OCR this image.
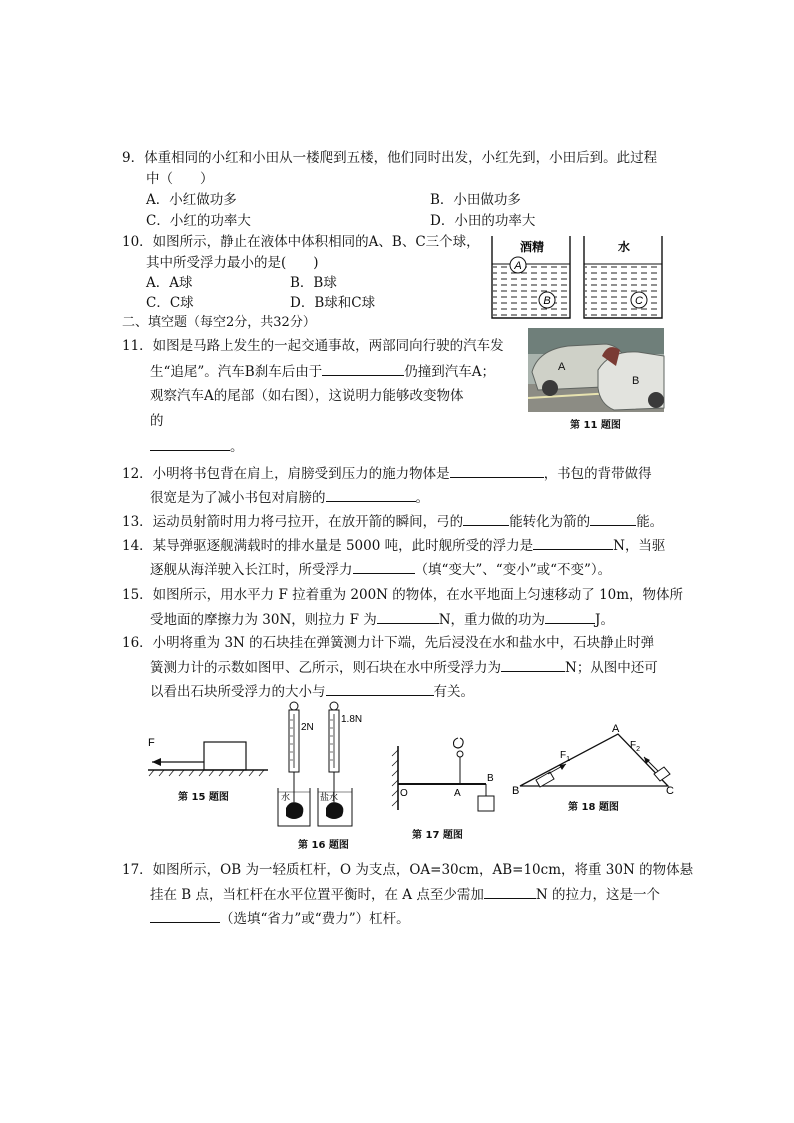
9．体重相同的小红和小田从一楼爬到五楼，他们同时出发，小红先到，小田后到。此过程
中（　　）
A．小红做功多	B．小田做功多
C．小红的功率大	D．小田的功率大
10．如图所示，静止在液体中体积相同的A、B、C三个球，
其中所受浮力最小的是(　　)
A．A球	B．B球
C．C球	D．B球和C球
A
B
酒精
C
水
二、填空题（每空2分，共32分）
11．如图是马路上发生的一起交通事故，两部同向行驶的汽车发
生“追尾”。汽车B刹车后由于	仍撞到汽车A；
观察汽车A的尾部（如右图），这说明力能够改变物体
的
。
A
B
第 11 题图
12．小明将书包背在肩上，肩膀受到压力的施力物体是	，书包的背带做得
很宽是为了减小书包对肩膀的	。
13．运动员射箭时用力将弓拉开，在放开箭的瞬间，弓的	能转化为箭的	能。
14．某导弹驱逐舰满载时的排水量是 5000 吨，此时舰所受的浮力是	N，当驱
逐舰从海洋驶入长江时，所受浮力	（填“变大”、“变小”或“不变”）。
15．如图所示，用水平力 F 拉着重为 200N 的物体，在水平地面上匀速移动了 10m，物体所
受地面的摩擦力为 30N，则拉力 F 为	N，重力做的功为	J。
16．小明将重为 3N 的石块挂在弹簧测力计下端，先后浸没在水和盐水中，石块静止时弹
簧测力计的示数如图甲、乙所示，则石块在水中所受浮力为	N；从图中还可
以看出石块所受浮力的大小与	有关。
F
第 15 题图
2N
水
1.8N
盐水
第 16 题图
O	A
B
第 17 题图
B
A
C
$F_1$
$F_2$
第 18 题图
17．如图所示，OB 为一轻质杠杆，O 为支点，OA=30cm，AB=10cm，将重 30N 的物体悬
挂在 B 点，当杠杆在水平位置平衡时，在 A 点至少需加	N 的拉力，这是一个
（选填“省力”或“费力”）杠杆。
